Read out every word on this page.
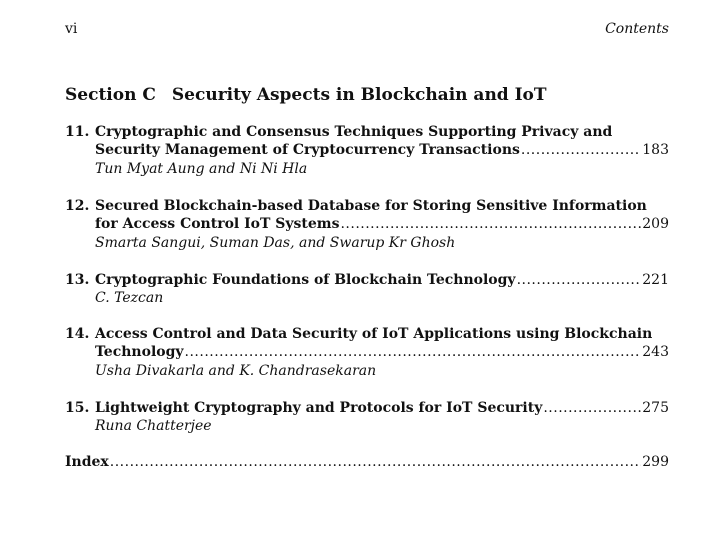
vi	Contents
Section C Security Aspects in Blockchain and IoT
11. Cryptographic and Consensus Techniques Supporting Privacy and
Security Management of Cryptocurrency Transactions .....	183
Tun Myat Aung and Ni Ni Hla
12. Secured Blockchain-based Database for Storing Sensitive Information
for Access Control IoT Systems .....	209
Smarta Sangui, Suman Das, and Swarup Kr Ghosh
13. Cryptographic Foundations of Blockchain Technology .....	221
C. Tezcan
14. Access Control and Data Security of IoT Applications using Blockchain
Technology .....	243
Usha Divakarla and K. Chandrasekaran
15. Lightweight Cryptography and Protocols for IoT Security .....	275
Runa Chatterjee
Index .....	299
